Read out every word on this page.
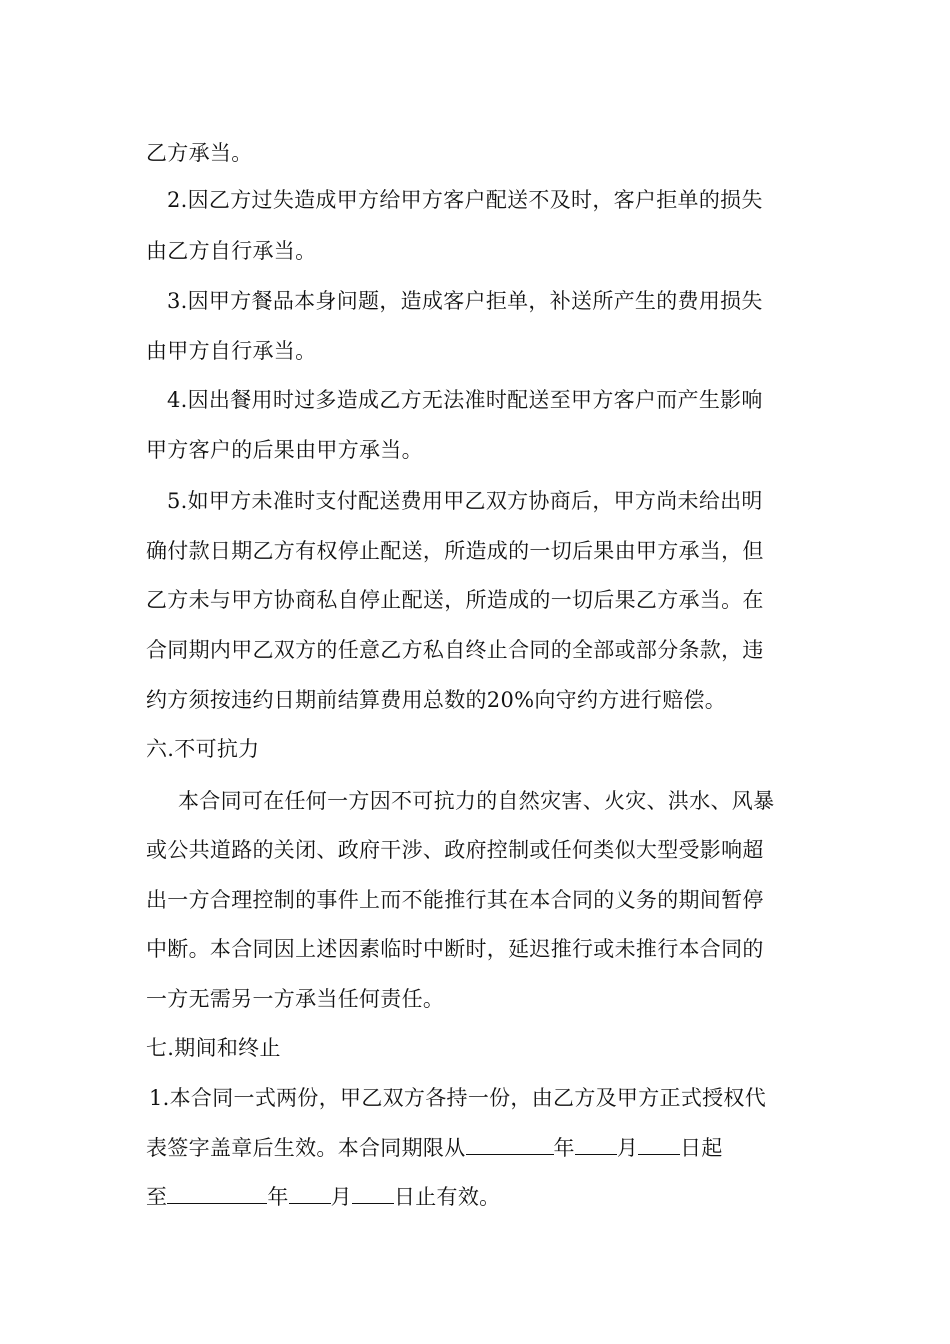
乙方承当。
2.因乙方过失造成甲方给甲方客户配送不及时，客户拒单的损失
由乙方自行承当。
3.因甲方餐品本身问题，造成客户拒单，补送所产生的费用损失
由甲方自行承当。
4.因出餐用时过多造成乙方无法准时配送至甲方客户而产生影响
甲方客户的后果由甲方承当。
5.如甲方未准时支付配送费用甲乙双方协商后，甲方尚未给出明
确付款日期乙方有权停止配送，所造成的一切后果由甲方承当，但
乙方未与甲方协商私自停止配送，所造成的一切后果乙方承当。在
合同期内甲乙双方的任意乙方私自终止合同的全部或部分条款，违
约方须按违约日期前结算费用总数的20%向守约方进行赔偿。
六.不可抗力
本合同可在任何一方因不可抗力的自然灾害、火灾、洪水、风暴
或公共道路的关闭、政府干涉、政府控制或任何类似大型受影响超
出一方合理控制的事件上而不能推行其在本合同的义务的期间暂停
中断。本合同因上述因素临时中断时，延迟推行或未推行本合同的
一方无需另一方承当任何责任。
七.期间和终止
1.本合同一式两份，甲乙双方各持一份，由乙方及甲方正式授权代
表签字盖章后生效。本合同期限从	年 月 日起
至	年 月 日止有效。
